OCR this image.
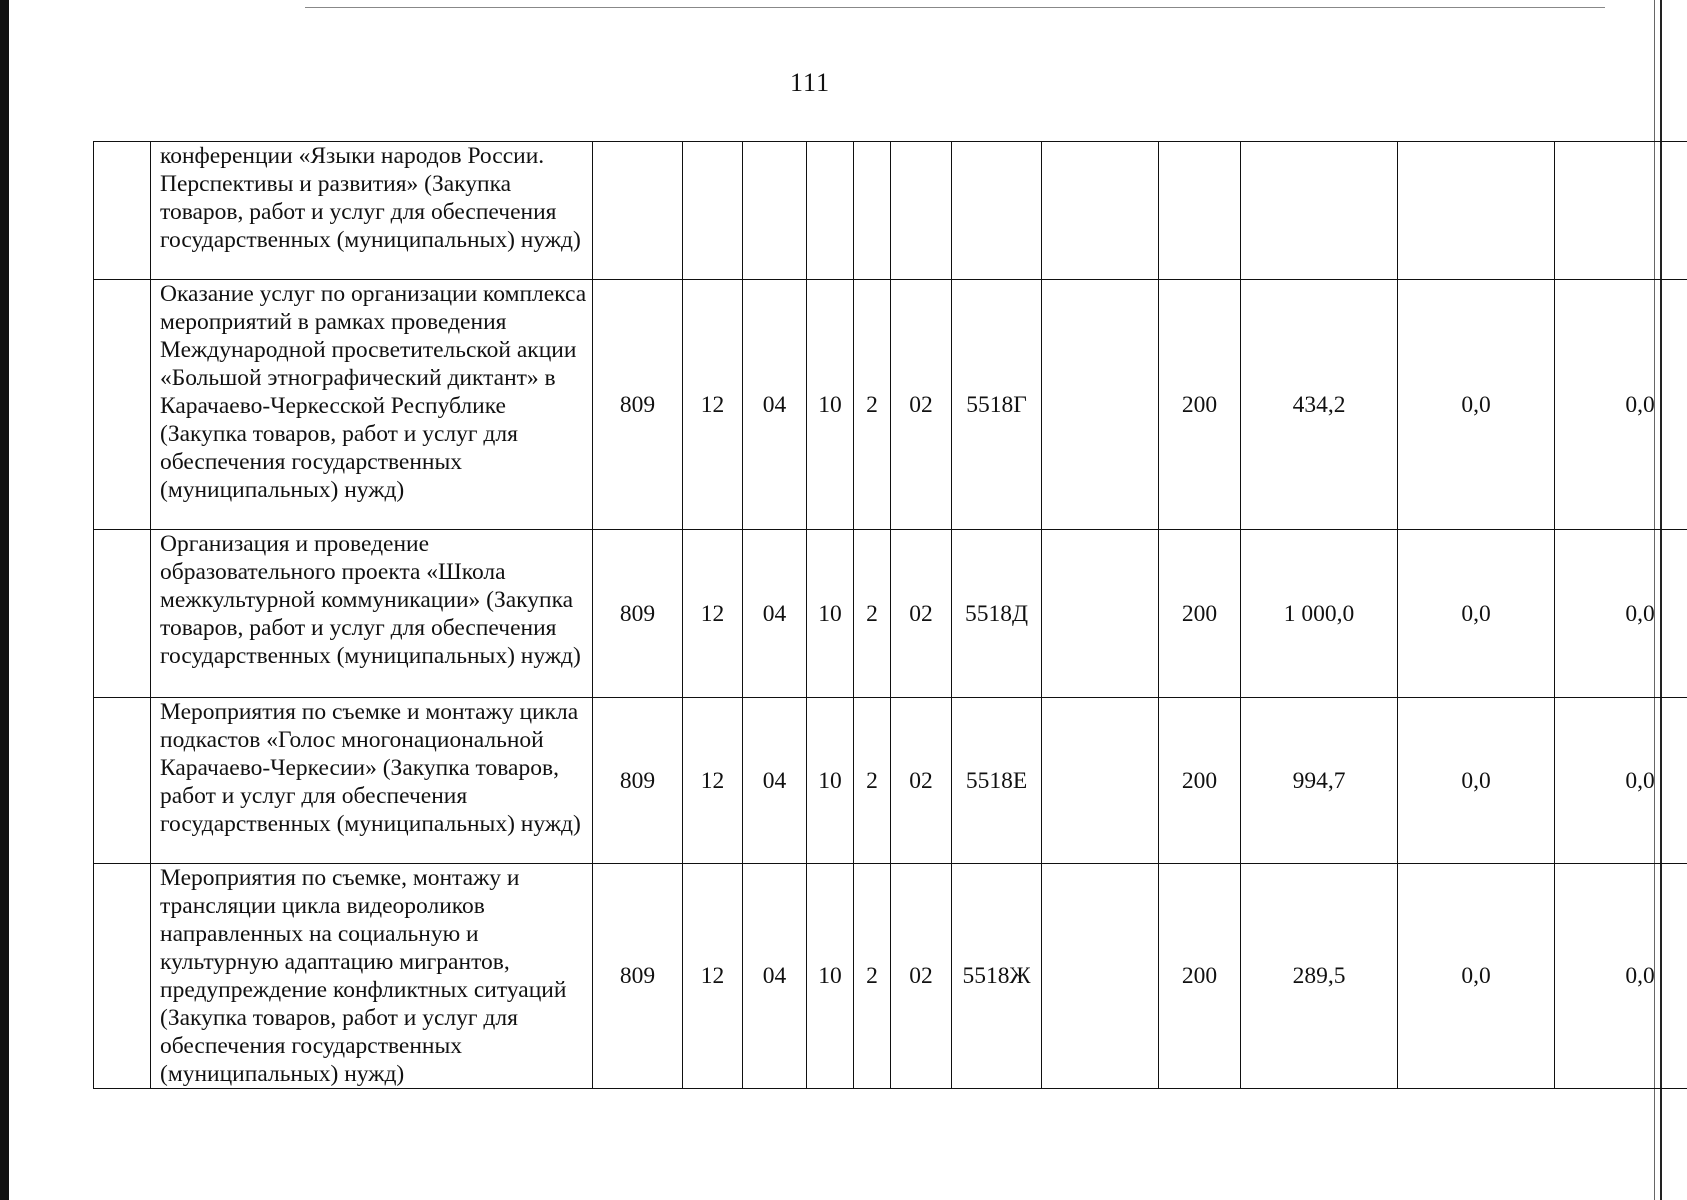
111
	конференции «Языки народов России. Перспективы и развития» (Закупка товаров, работ и услуг для обеспечения государственных (муниципальных) нужд)												
	Оказание услуг по организации комплекса мероприятий в рамках проведения Международной просветительской акции «Большой этнографический диктант» в Карачаево-Черкесской Республике (Закупка товаров, работ и услуг для обеспечения государственных (муниципальных) нужд)	809	12	04	10	2	02	5518Г		200	434,2	0,0	0,0
	Организация и проведение образовательного проекта «Школа межкультурной коммуникации» (Закупка товаров, работ и услуг для обеспечения государственных (муниципальных) нужд)	809	12	04	10	2	02	5518Д		200	1 000,0	0,0	0,0
	Мероприятия по съемке и монтажу цикла подкастов «Голос многонациональной Карачаево-Черкесии» (Закупка товаров, работ и услуг для обеспечения государственных (муниципальных) нужд)	809	12	04	10	2	02	5518Е		200	994,7	0,0	0,0
	Мероприятия по съемке, монтажу и трансляции цикла видеороликов направленных на социальную и культурную адаптацию мигрантов, предупреждение конфликтных ситуаций (Закупка товаров, работ и услуг для обеспечения государственных (муниципальных) нужд)	809	12	04	10	2	02	5518Ж		200	289,5	0,0	0,0
